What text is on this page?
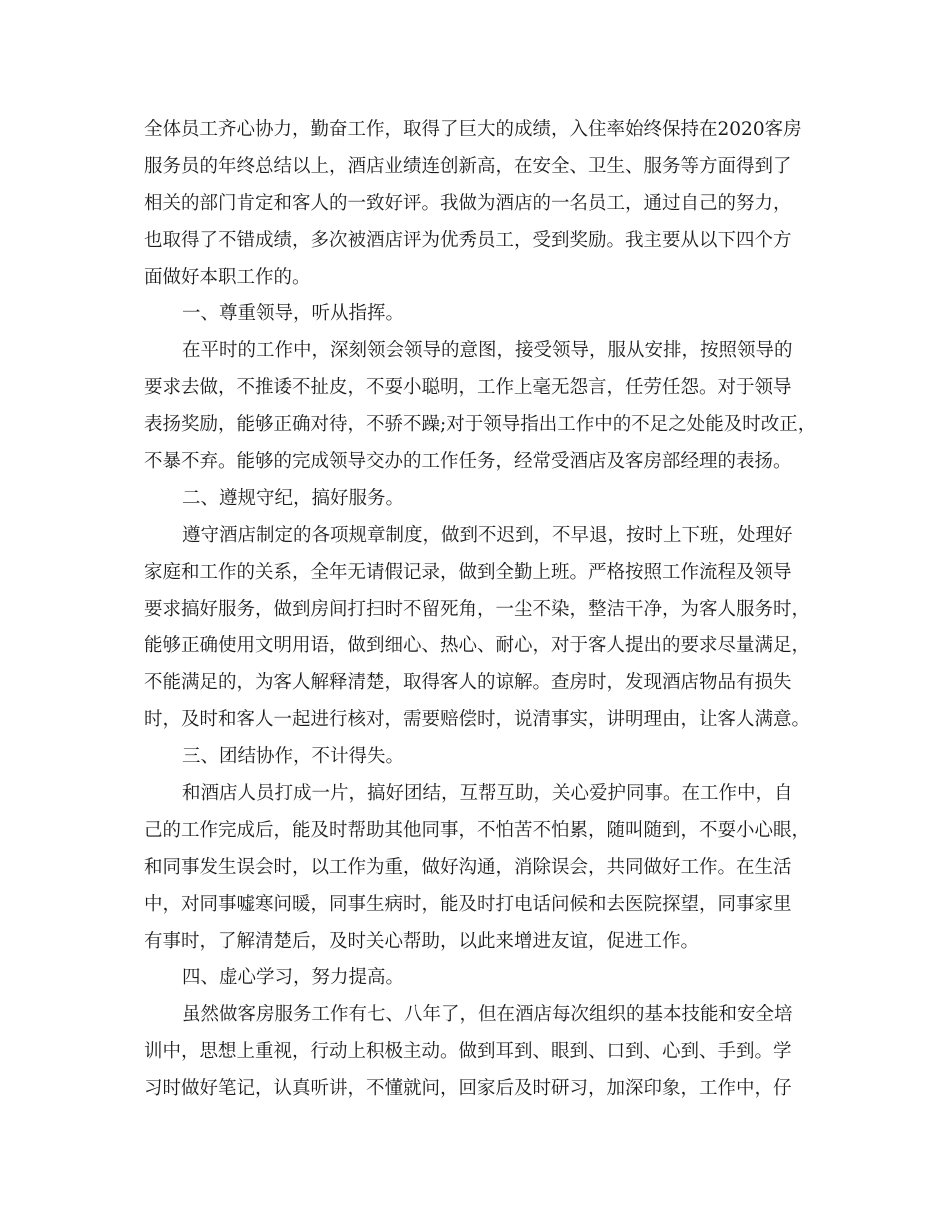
全体员工齐心协力，勤奋工作，取得了巨大的成绩，入住率始终保持在2020客房
服务员的年终总结以上，酒店业绩连创新高，在安全、卫生、服务等方面得到了
相关的部门肯定和客人的一致好评。我做为酒店的一名员工，通过自己的努力，
也取得了不错成绩，多次被酒店评为优秀员工，受到奖励。我主要从以下四个方
面做好本职工作的。
一、尊重领导，听从指挥。
在平时的工作中，深刻领会领导的意图，接受领导，服从安排，按照领导的
要求去做，不推诿不扯皮，不耍小聪明，工作上毫无怨言，任劳任怨。对于领导
表扬奖励，能够正确对待，不骄不躁;对于领导指出工作中的不足之处能及时改正，
不暴不弃。能够的完成领导交办的工作任务，经常受酒店及客房部经理的表扬。
二、遵规守纪，搞好服务。
遵守酒店制定的各项规章制度，做到不迟到，不早退，按时上下班，处理好
家庭和工作的关系，全年无请假记录，做到全勤上班。严格按照工作流程及领导
要求搞好服务，做到房间打扫时不留死角，一尘不染，整洁干净，为客人服务时，
能够正确使用文明用语，做到细心、热心、耐心，对于客人提出的要求尽量满足，
不能满足的，为客人解释清楚，取得客人的谅解。查房时，发现酒店物品有损失
时，及时和客人一起进行核对，需要赔偿时，说清事实，讲明理由，让客人满意。
三、团结协作，不计得失。
和酒店人员打成一片，搞好团结，互帮互助，关心爱护同事。在工作中，自
己的工作完成后，能及时帮助其他同事，不怕苦不怕累，随叫随到，不耍小心眼，
和同事发生误会时，以工作为重，做好沟通，消除误会，共同做好工作。在生活
中，对同事嘘寒问暖，同事生病时，能及时打电话问候和去医院探望，同事家里
有事时，了解清楚后，及时关心帮助，以此来增进友谊，促进工作。
四、虚心学习，努力提高。
虽然做客房服务工作有七、八年了，但在酒店每次组织的基本技能和安全培
训中，思想上重视，行动上积极主动。做到耳到、眼到、口到、心到、手到。学
习时做好笔记，认真听讲，不懂就问，回家后及时研习，加深印象，工作中，仔
